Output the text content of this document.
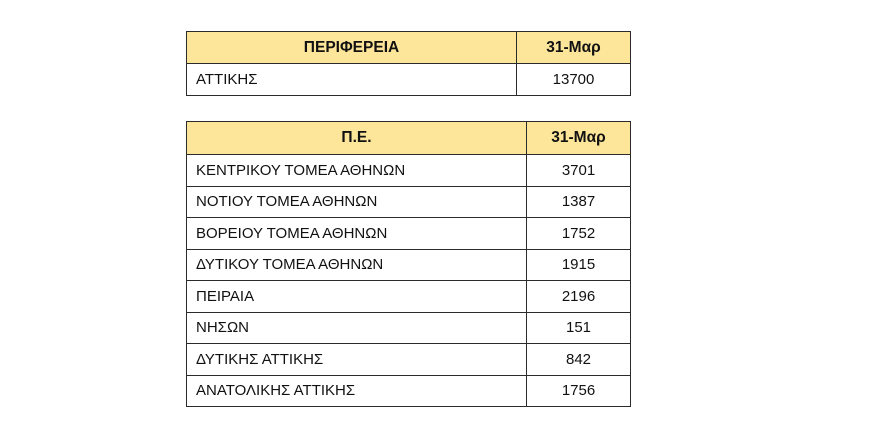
ΠΕΡΙΦΕΡΕΙΑ	31-Μαρ
ΑΤΤΙΚΗΣ	13700
Π.Ε.	31-Μαρ
ΚΕΝΤΡΙΚΟΥ ΤΟΜΕΑ ΑΘΗΝΩΝ	3701
ΝΟΤΙΟΥ ΤΟΜΕΑ ΑΘΗΝΩΝ	1387
ΒΟΡΕΙΟΥ ΤΟΜΕΑ ΑΘΗΝΩΝ	1752
ΔΥΤΙΚΟΥ ΤΟΜΕΑ ΑΘΗΝΩΝ	1915
ΠΕΙΡΑΙΑ	2196
ΝΗΣΩΝ	151
ΔΥΤΙΚΗΣ ΑΤΤΙΚΗΣ	842
ΑΝΑΤΟΛΙΚΗΣ ΑΤΤΙΚΗΣ	1756
